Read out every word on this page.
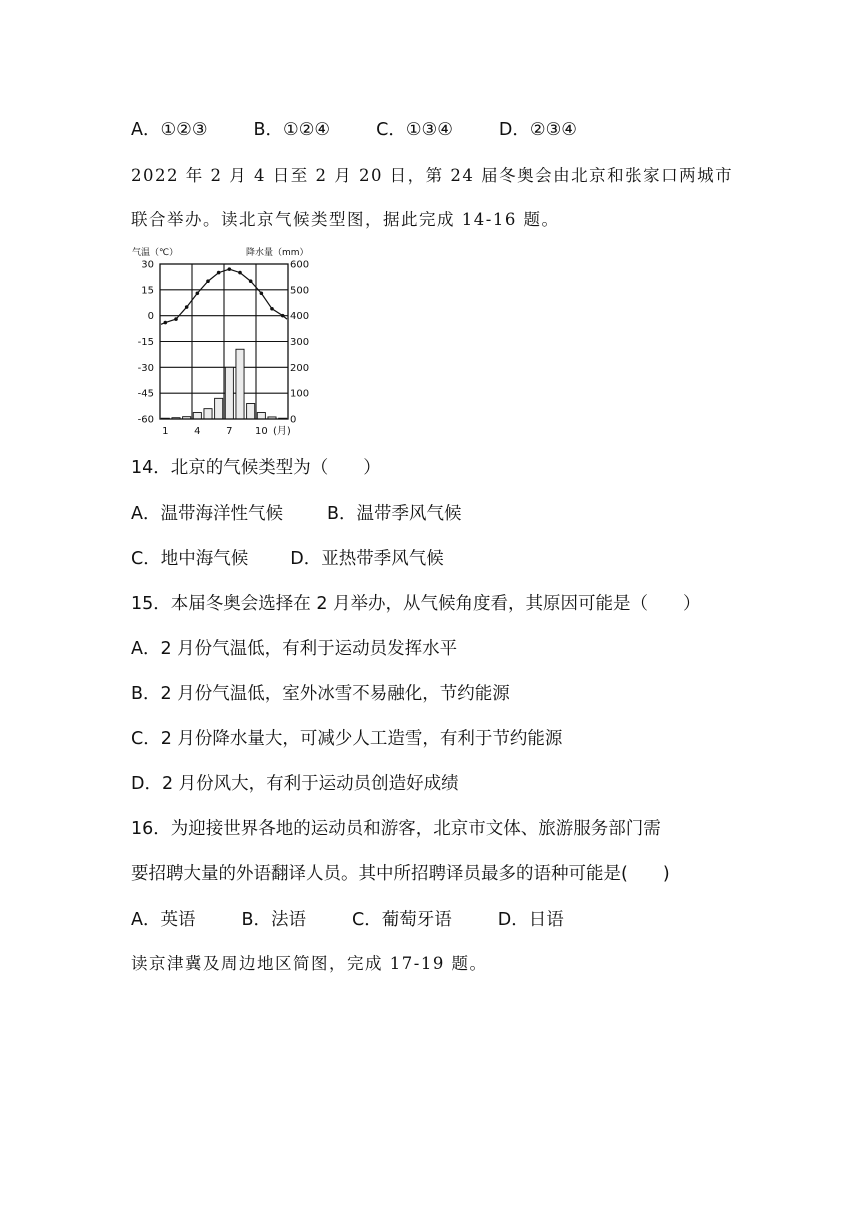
A．①②③	B．①②④	C．①③④	D．②③④
2022 年 2 月 4 日至 2 月 20 日，第 24 届冬奥会由北京和张家口两城市
联合举办。读北京气候类型图，据此完成 14-16 题。
气温（℃）	降水量（mm）
30
15
0
-15
-30
-45
-60
600
500
400
300
200
100
0
1	4	7 10 (月)
14．北京的气候类型为（　　）
A．温带海洋性气候	B．温带季风气候
C．地中海气候 D．亚热带季风气候
15．本届冬奥会选择在 2 月举办，从气候角度看，其原因可能是（　　）
A．2 月份气温低，有利于运动员发挥水平
B．2 月份气温低，室外冰雪不易融化，节约能源
C．2 月份降水量大，可减少人工造雪，有利于节约能源
D．2 月份风大，有利于运动员创造好成绩
16．为迎接世界各地的运动员和游客，北京市文体、旅游服务部门需
要招聘大量的外语翻译人员。其中所招聘译员最多的语种可能是(　　)
A．英语	B．法语	C．葡萄牙语	D．日语
读京津冀及周边地区简图，完成 17-19 题。
